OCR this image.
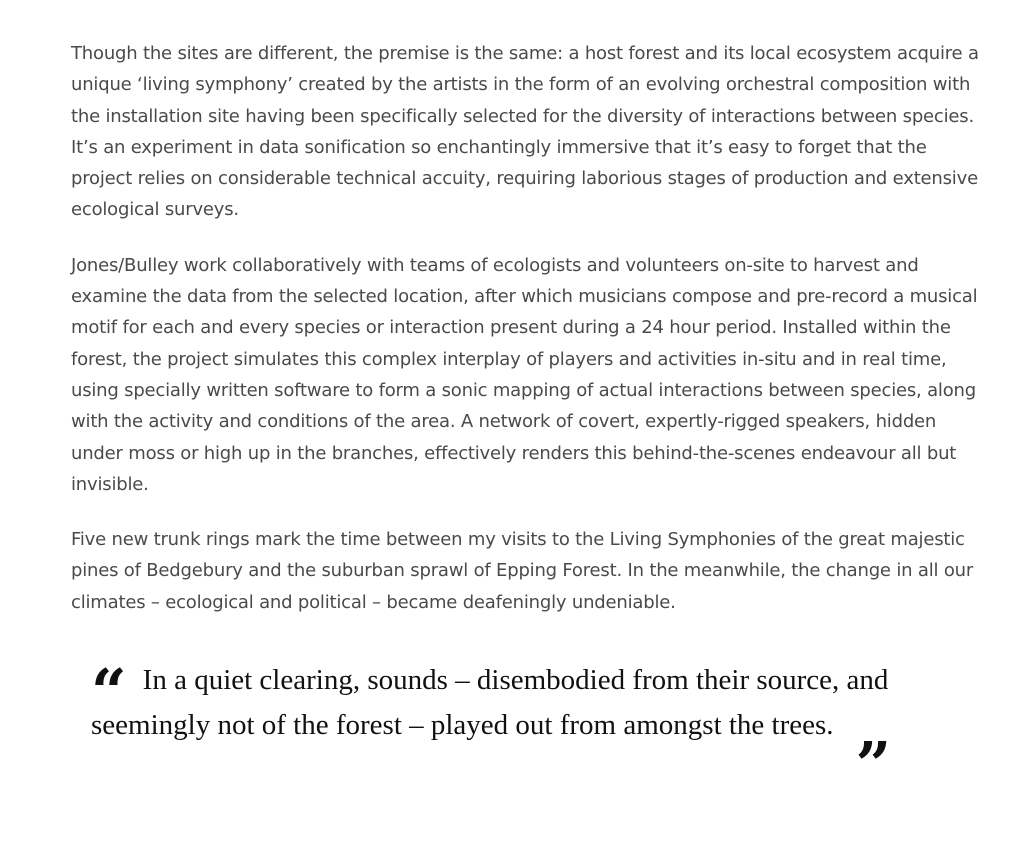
Though the sites are different, the premise is the same: a host forest and its local ecosystem acquire a unique ‘living symphony’ created by the artists in the form of an evolving orchestral composition with the installation site having been specifically selected for the diversity of interactions between species. It’s an experiment in data sonification so enchantingly immersive that it’s easy to forget that the project relies on considerable technical accuity, requiring laborious stages of production and extensive ecological surveys.

Jones/Bulley work collaboratively with teams of ecologists and volunteers on-site to harvest and examine the data from the selected location, after which musicians compose and pre-record a musical motif for each and every species or interaction present during a 24 hour period. Installed within the forest, the project simulates this complex interplay of players and activities in-situ and in real time, using specially written software to form a sonic mapping of actual interactions between species, along with the activity and conditions of the area. A network of covert, expertly-rigged speakers, hidden under moss or high up in the branches, effectively renders this behind-the-scenes endeavour all but invisible.

Five new trunk rings mark the time between my visits to the Living Symphonies of the great majestic pines of Bedgebury and the suburban sprawl of Epping Forest. In the meanwhile, the change in all our climates – ecological and political – became deafeningly undeniable.

“ In a quiet clearing, sounds – disembodied from their source, and seemingly not of the forest – played out from amongst the trees.”
